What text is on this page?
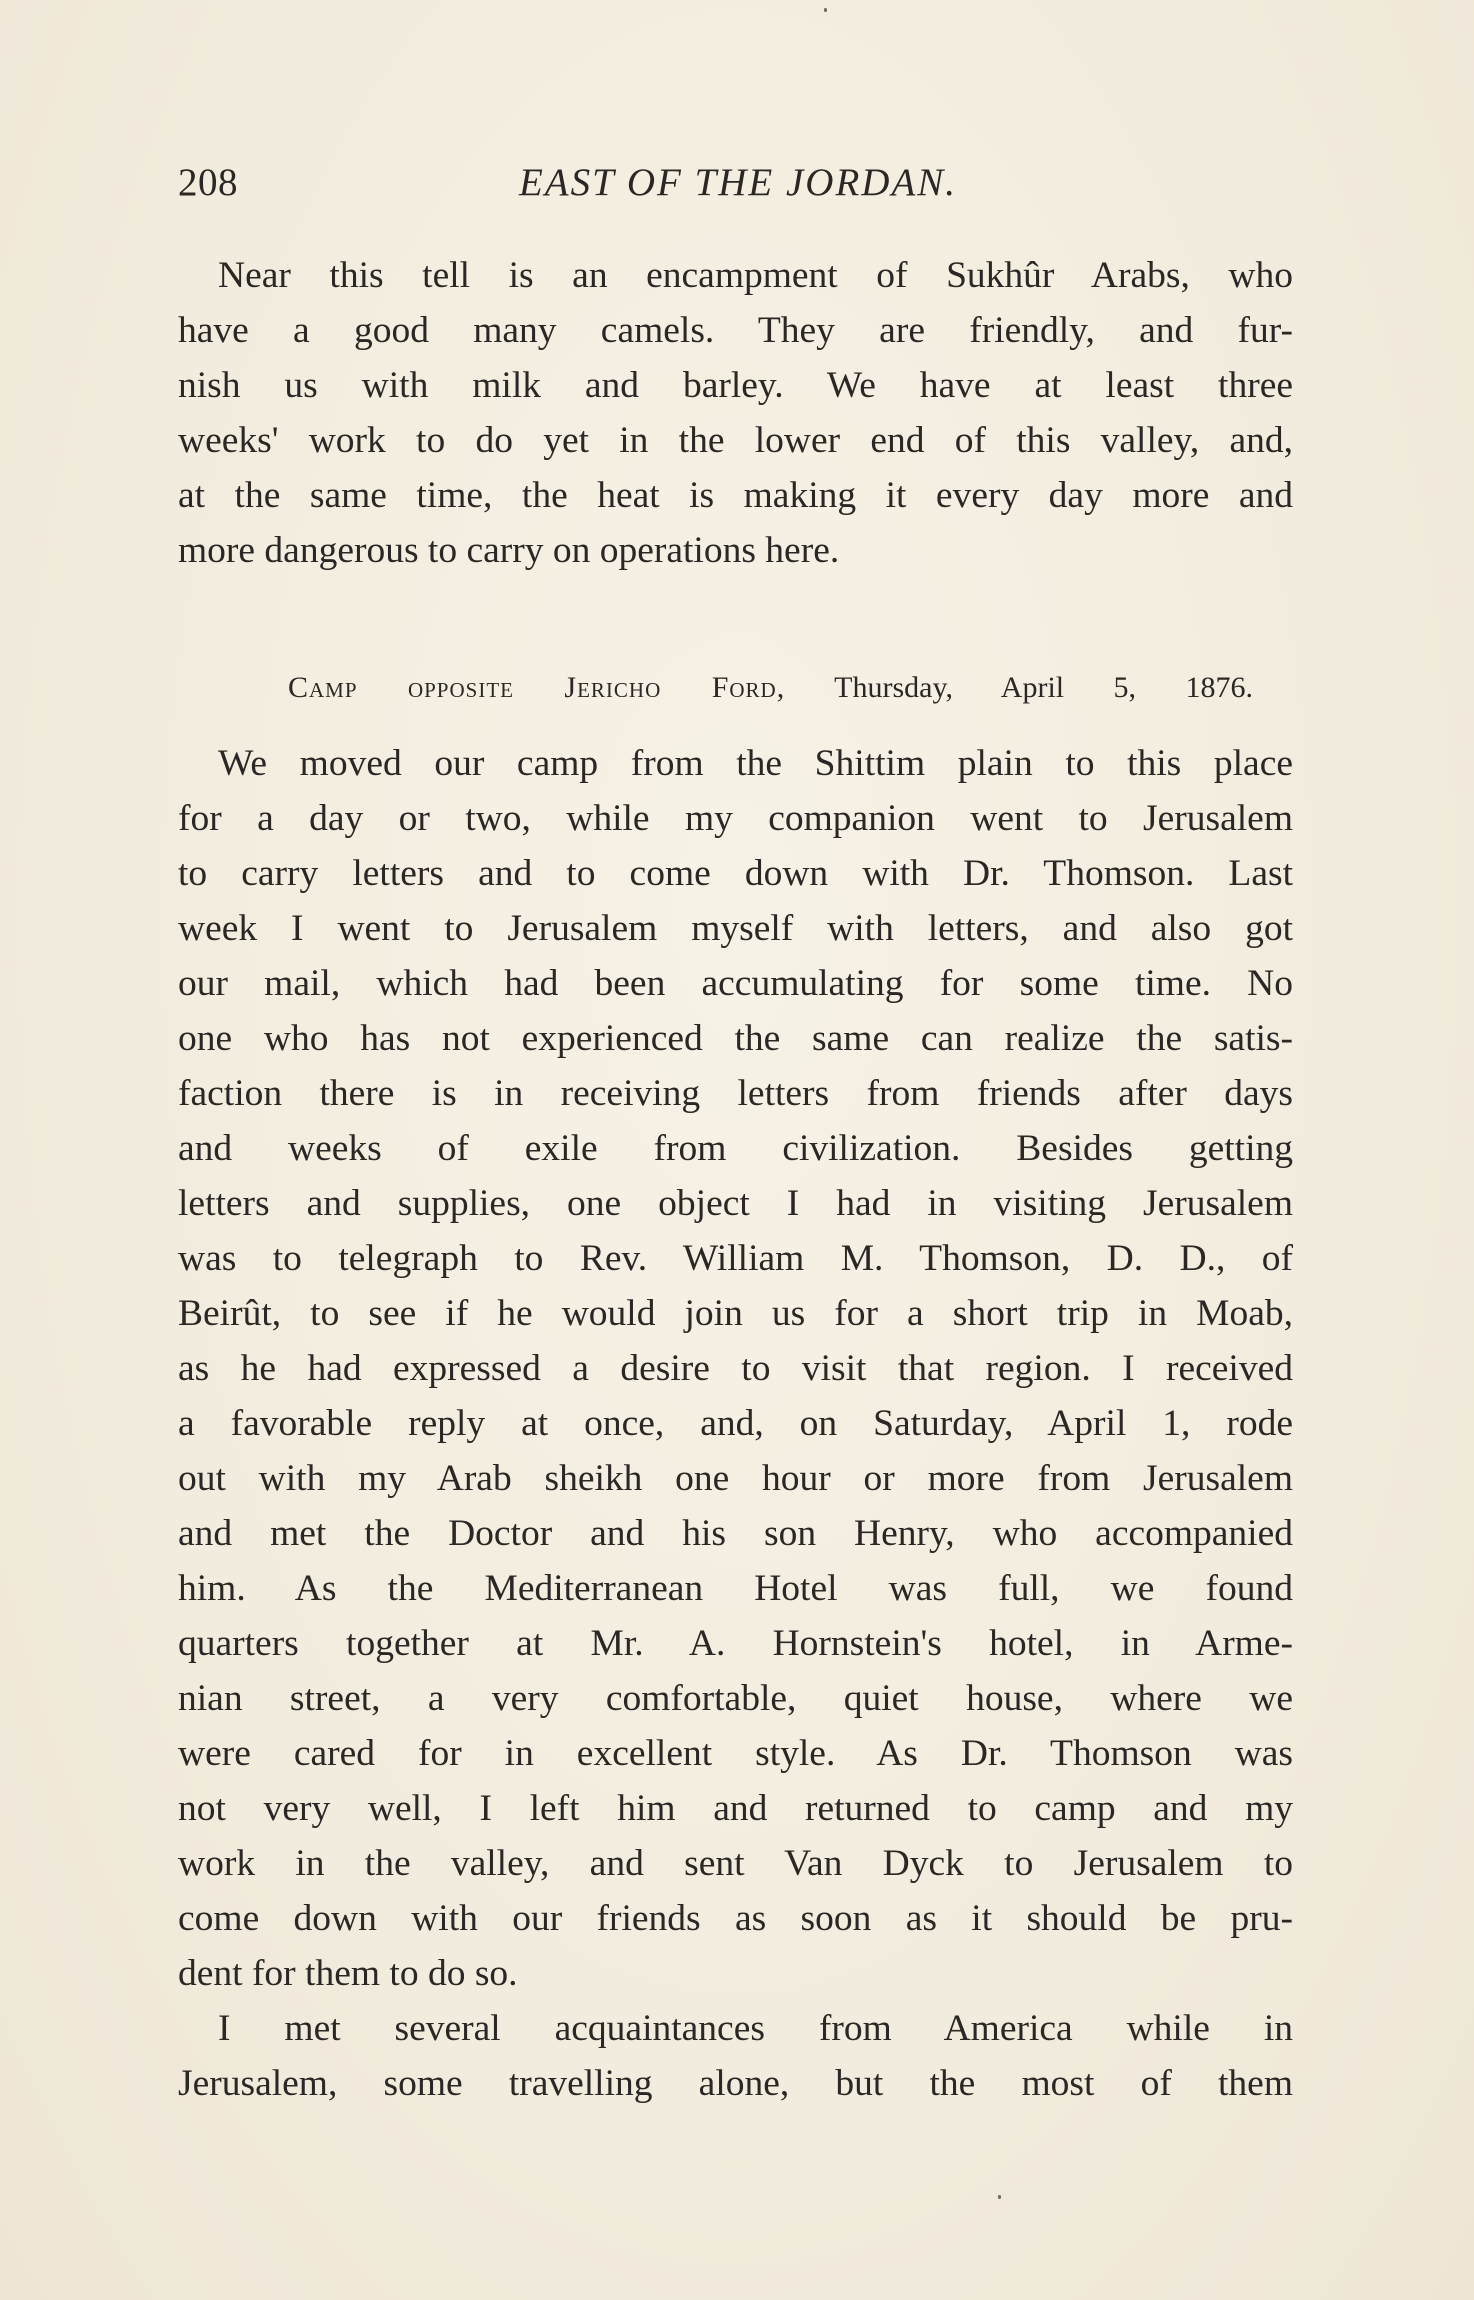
208	EAST OF THE JORDAN.
Near this tell is an encampment of Sukhûr Arabs, who
have a good many camels. They are friendly, and fur-
nish us with milk and barley. We have at least three
weeks' work to do yet in the lower end of this valley, and,
at the same time, the heat is making it every day more and
more dangerous to carry on operations here.
Camp opposite Jericho Ford, Thursday, April 5, 1876.
We moved our camp from the Shittim plain to this place
for a day or two, while my companion went to Jerusalem
to carry letters and to come down with Dr. Thomson. Last
week I went to Jerusalem myself with letters, and also got
our mail, which had been accumulating for some time. No
one who has not experienced the same can realize the satis-
faction there is in receiving letters from friends after days
and weeks of exile from civilization. Besides getting
letters and supplies, one object I had in visiting Jerusalem
was to telegraph to Rev. William M. Thomson, D. D., of
Beirût, to see if he would join us for a short trip in Moab,
as he had expressed a desire to visit that region. I received
a favorable reply at once, and, on Saturday, April 1, rode
out with my Arab sheikh one hour or more from Jerusalem
and met the Doctor and his son Henry, who accompanied
him. As the Mediterranean Hotel was full, we found
quarters together at Mr. A. Hornstein's hotel, in Arme-
nian street, a very comfortable, quiet house, where we
were cared for in excellent style. As Dr. Thomson was
not very well, I left him and returned to camp and my
work in the valley, and sent Van Dyck to Jerusalem to
come down with our friends as soon as it should be pru-
dent for them to do so.
I met several acquaintances from America while in
Jerusalem, some travelling alone, but the most of them
